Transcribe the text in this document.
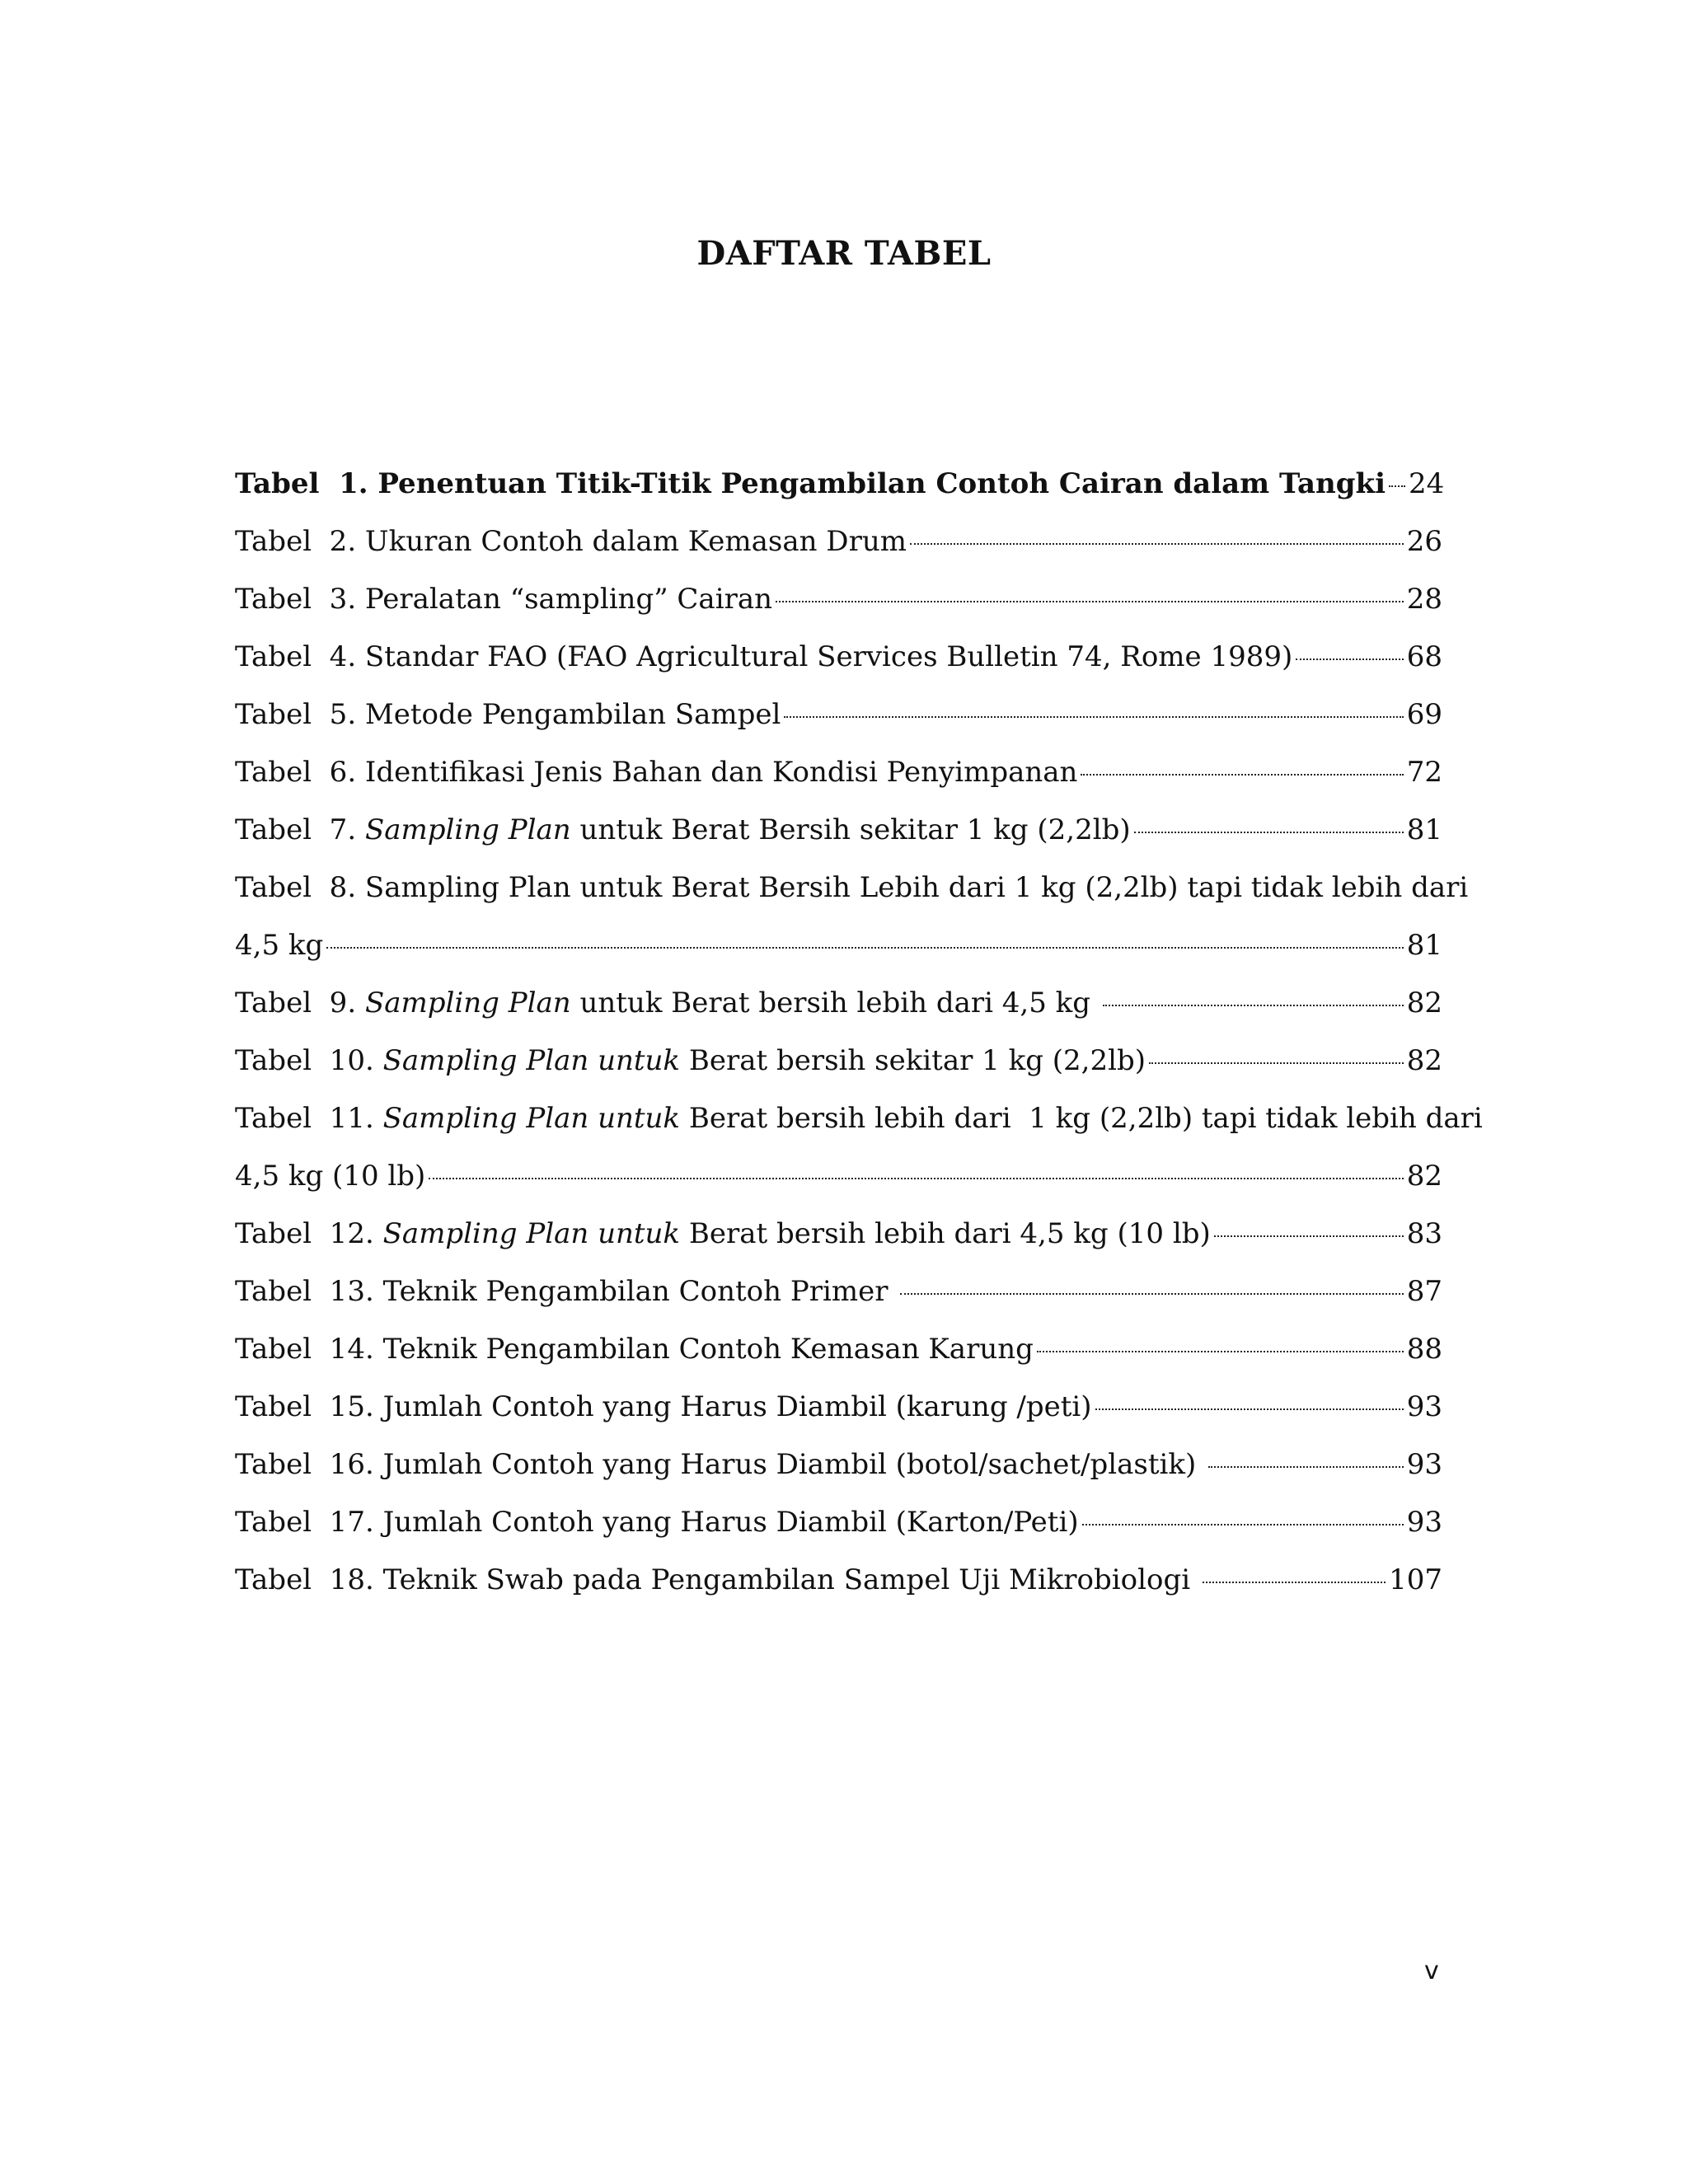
DAFTAR TABEL
Tabel  1. Penentuan Titik-Titik Pengambilan Contoh Cairan dalam Tangki 24
Tabel  2. Ukuran Contoh dalam Kemasan Drum	26
Tabel  3. Peralatan “sampling” Cairan	28
Tabel  4. Standar FAO (FAO Agricultural Services Bulletin 74, Rome 1989)	68
Tabel  5. Metode Pengambilan Sampel	69
Tabel  6. Identifikasi Jenis Bahan dan Kondisi Penyimpanan	72
Tabel  7. Sampling Plan untuk Berat Bersih sekitar 1 kg (2,2lb)	81
Tabel  8. Sampling Plan untuk Berat Bersih Lebih dari 1 kg (2,2lb) tapi tidak lebih dari
4,5 kg	81
Tabel  9. Sampling Plan untuk Berat bersih lebih dari 4,5 kg	82
Tabel  10. Sampling Plan untuk Berat bersih sekitar 1 kg (2,2lb)	82
Tabel  11. Sampling Plan untuk Berat bersih lebih dari  1 kg (2,2lb) tapi tidak lebih dari
4,5 kg (10 lb)	82
Tabel  12. Sampling Plan untuk Berat bersih lebih dari 4,5 kg (10 lb)	83
Tabel  13. Teknik Pengambilan Contoh Primer	87
Tabel  14. Teknik Pengambilan Contoh Kemasan Karung	88
Tabel  15. Jumlah Contoh yang Harus Diambil (karung /peti)	93
Tabel  16. Jumlah Contoh yang Harus Diambil (botol/sachet/plastik)	93
Tabel  17. Jumlah Contoh yang Harus Diambil (Karton/Peti)	93
Tabel  18. Teknik Swab pada Pengambilan Sampel Uji Mikrobiologi	107
v
